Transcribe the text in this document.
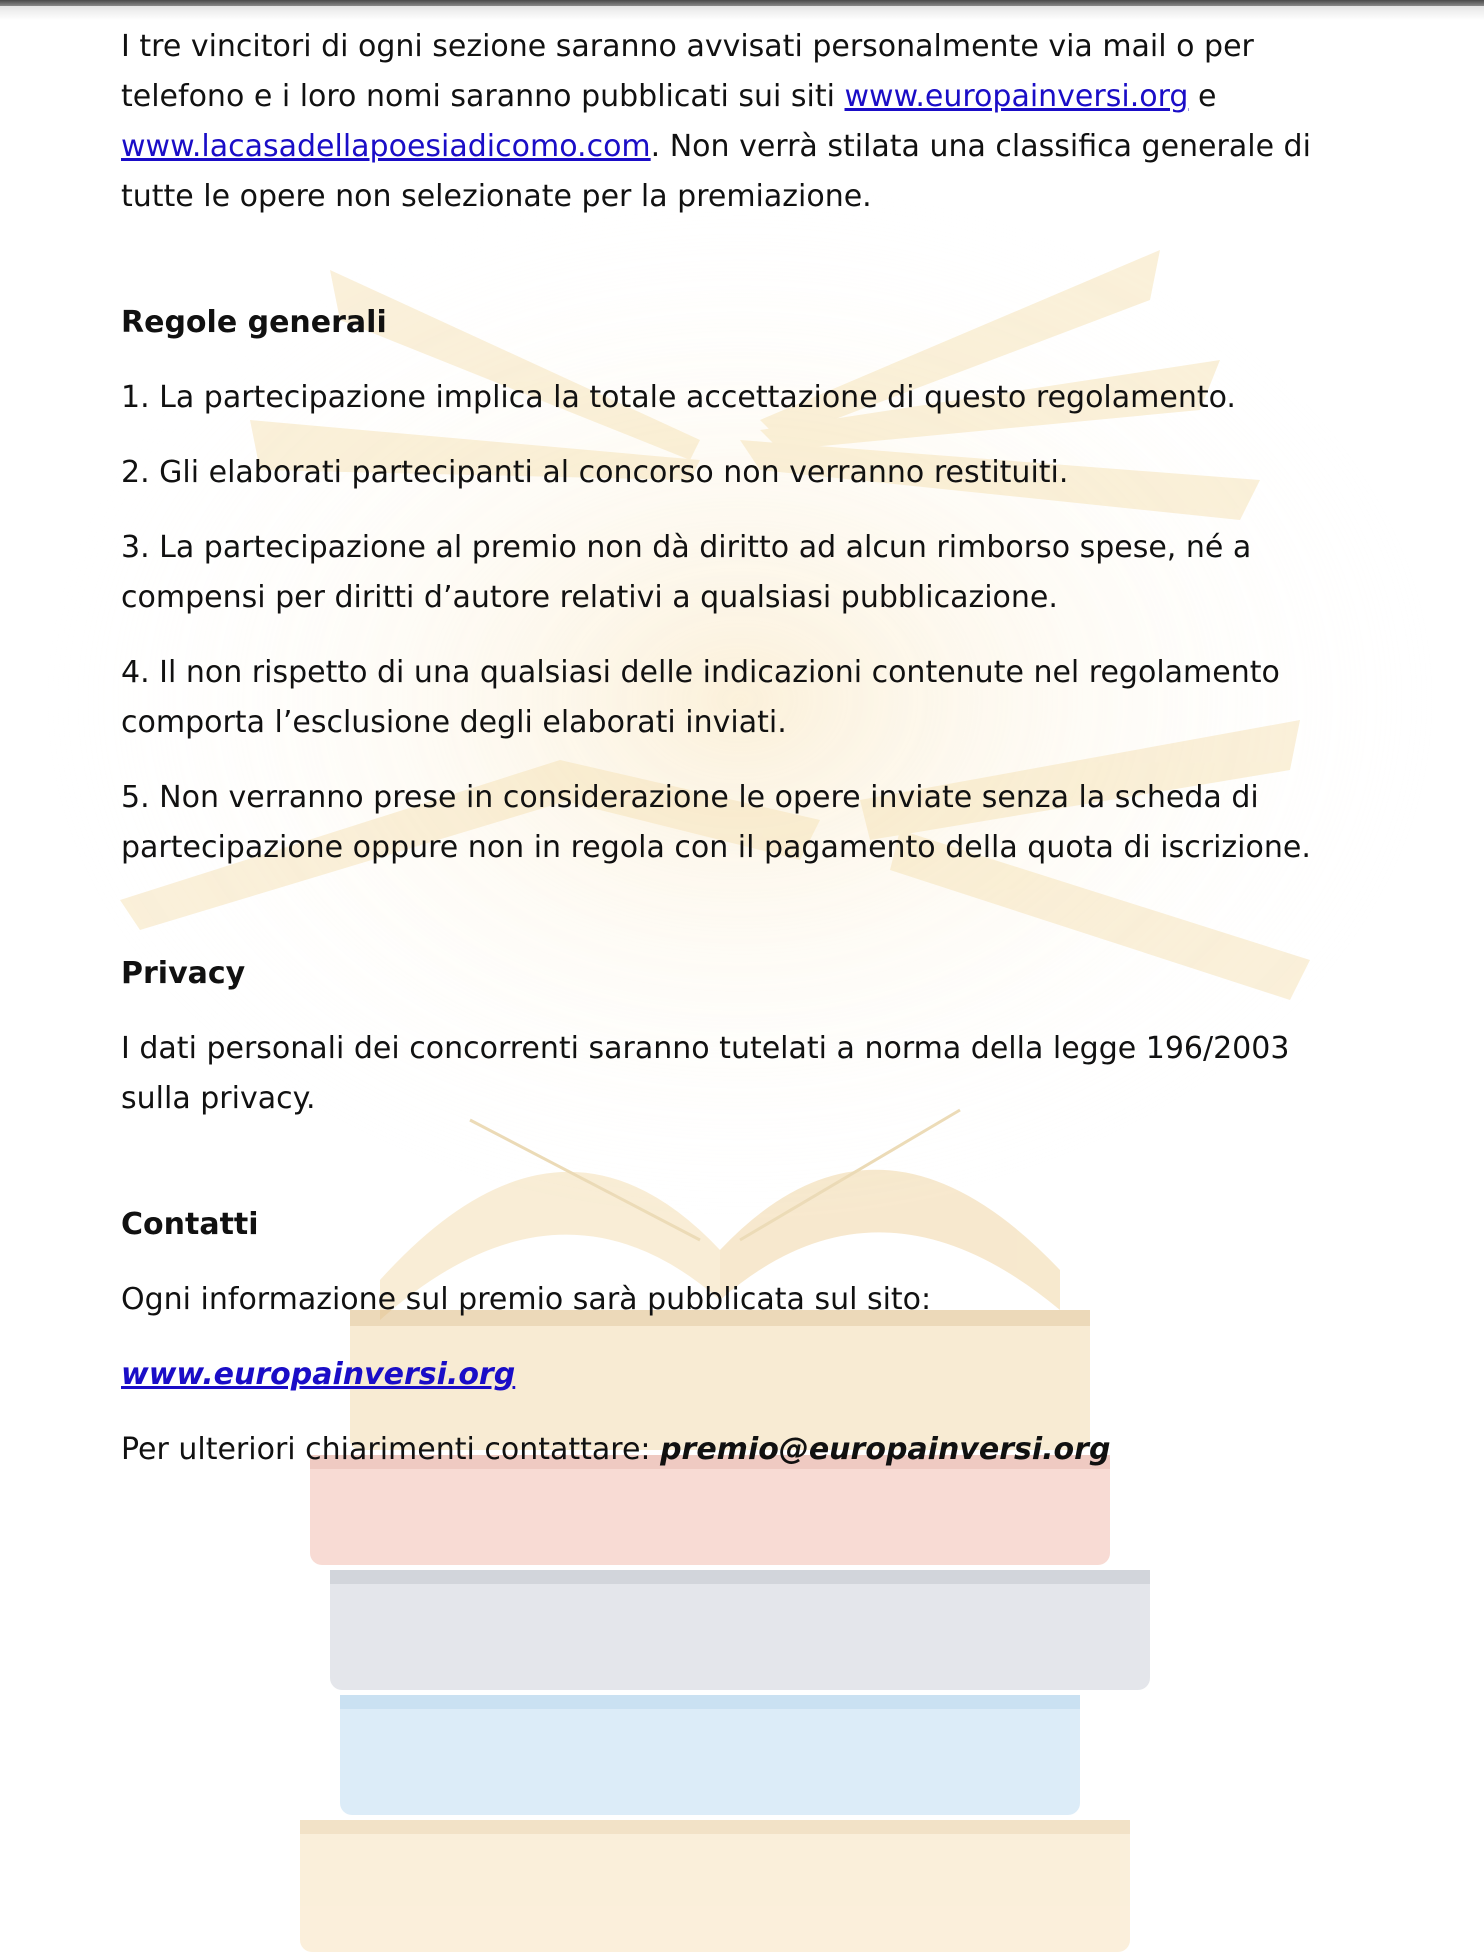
I tre vincitori di ogni sezione saranno avvisati personalmente via mail o per telefono e i loro nomi saranno pubblicati sui siti www.europainversi.org e www.lacasadellapoesiadicomo.com. Non verrà stilata una classifica generale di tutte le opere non selezionate per la premiazione.

Regole generali

1. La partecipazione implica la totale accettazione di questo regolamento.

2. Gli elaborati partecipanti al concorso non verranno restituiti.

3. La partecipazione al premio non dà diritto ad alcun rimborso spese, né a compensi per diritti d’autore relativi a qualsiasi pubblicazione.

4. Il non rispetto di una qualsiasi delle indicazioni contenute nel regolamento comporta l’esclusione degli elaborati inviati.

5. Non verranno prese in considerazione le opere inviate senza la scheda di partecipazione oppure non in regola con il pagamento della quota di iscrizione.

Privacy

I dati personali dei concorrenti saranno tutelati a norma della legge 196/2003 sulla privacy.

Contatti

Ogni informazione sul premio sarà pubblicata sul sito:

www.europainversi.org

Per ulteriori chiarimenti contattare: premio@europainversi.org
